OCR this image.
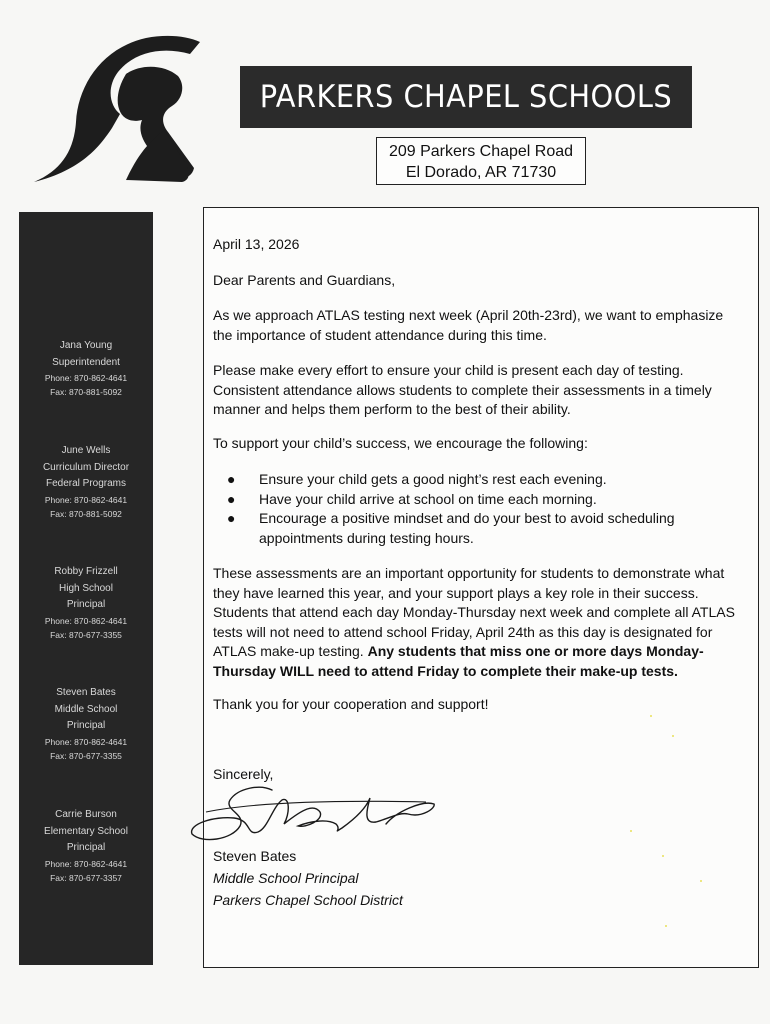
PARKERS CHAPEL SCHOOLS
209 Parkers Chapel Road
El Dorado, AR 71730
Jana Young
Superintendent
Phone: 870-862-4641
Fax: 870-881-5092
June Wells
Curriculum Director
Federal Programs
Phone: 870-862-4641
Fax: 870-881-5092
Robby Frizzell
High School
Principal
Phone: 870-862-4641
Fax: 870-677-3355
Steven Bates
Middle School
Principal
Phone: 870-862-4641
Fax: 870-677-3355
Carrie Burson
Elementary School
Principal
Phone: 870-862-4641
Fax: 870-677-3357

April 13, 2026

Dear Parents and Guardians,

As we approach ATLAS testing next week (April 20th-23rd), we want to emphasize the importance of student attendance during this time.

Please make every effort to ensure your child is present each day of testing. Consistent attendance allows students to complete their assessments in a timely manner and helps them perform to the best of their ability.

To support your child’s success, we encourage the following:

● Ensure your child gets a good night’s rest each evening.
● Have your child arrive at school on time each morning.
● Encourage a positive mindset and do your best to avoid scheduling appointments during testing hours.

These assessments are an important opportunity for students to demonstrate what they have learned this year, and your support plays a key role in their success. Students that attend each day Monday-Thursday next week and complete all ATLAS tests will not need to attend school Friday, April 24th as this day is designated for ATLAS make-up testing. Any students that miss one or more days Monday-Thursday WILL need to attend Friday to complete their make-up tests.

Thank you for your cooperation and support!

Sincerely,
Steven Bates
Middle School Principal
Parkers Chapel School District
